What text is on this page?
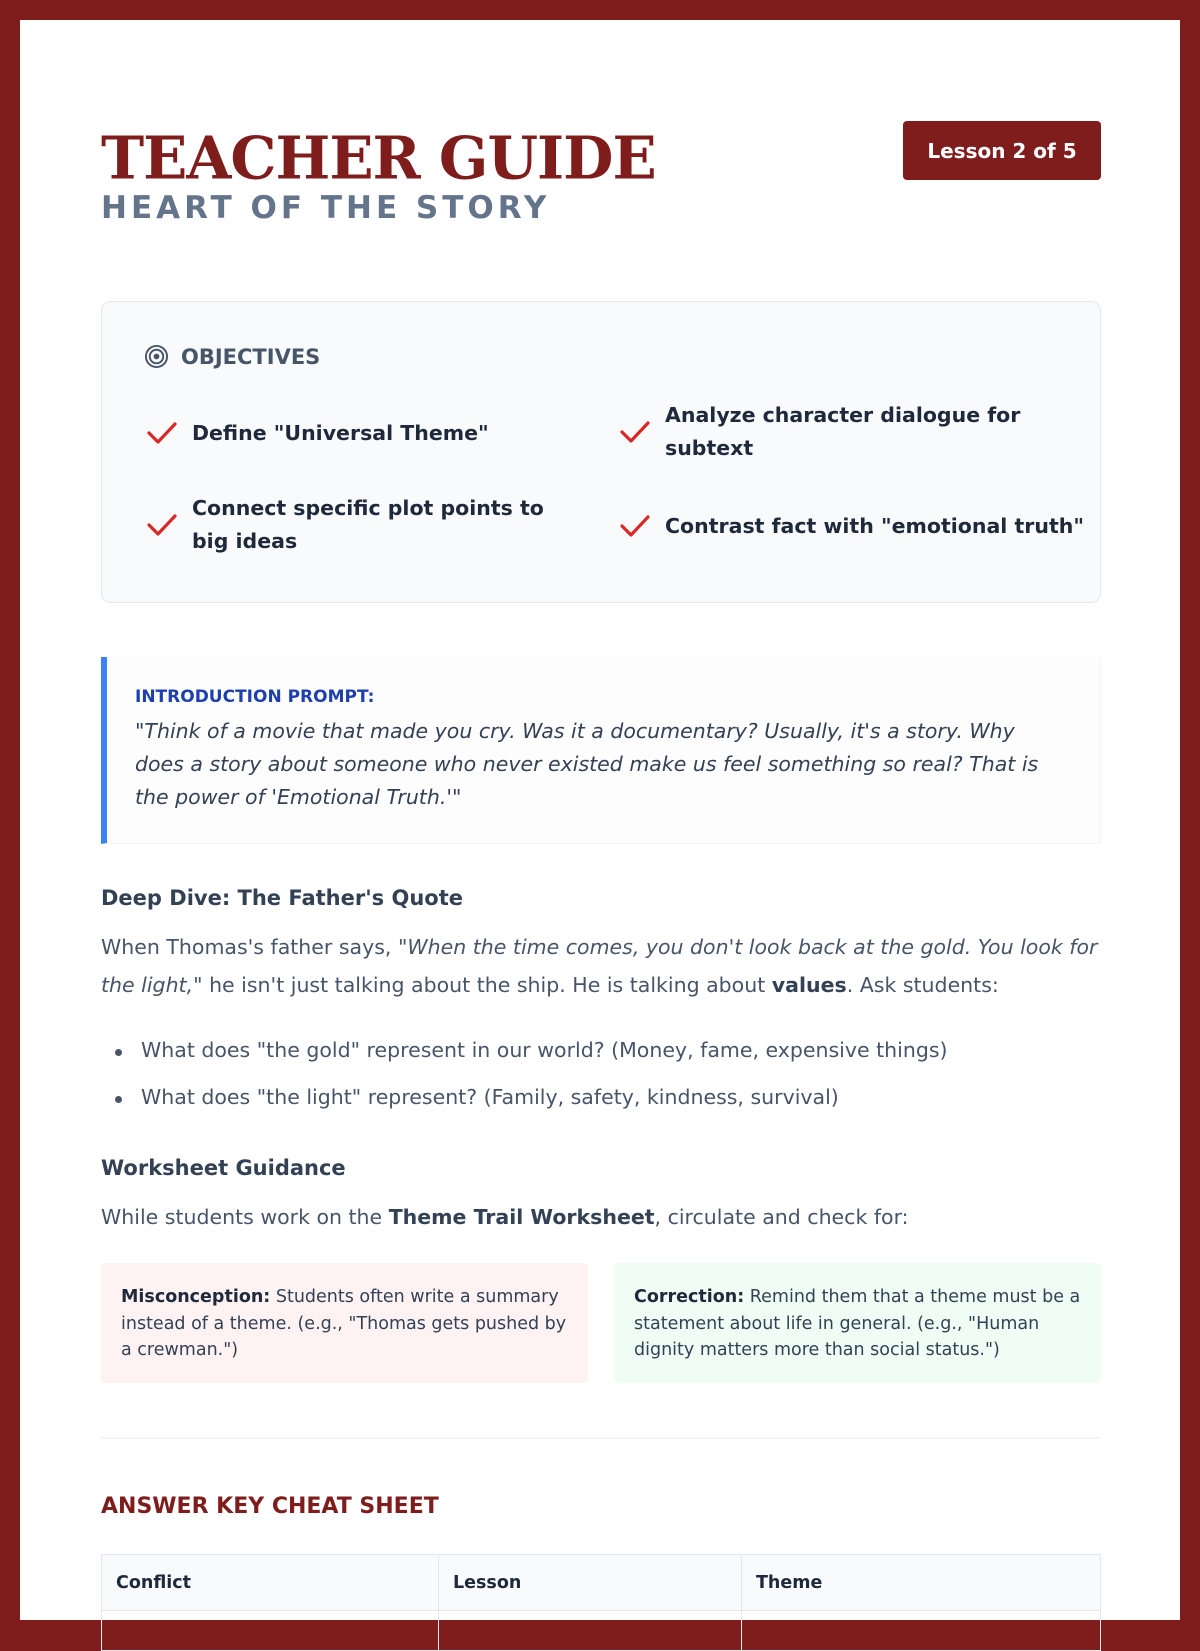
TEACHER GUIDE
HEART OF THE STORY
Lesson 2 of 5
OBJECTIVES
Define "Universal Theme"
Analyze character dialogue for subtext
Connect specific plot points to big ideas
Contrast fact with "emotional truth"
INTRODUCTION PROMPT:
"Think of a movie that made you cry. Was it a documentary? Usually, it's a story. Why does a story about someone who never existed make us feel something so real? That is the power of 'Emotional Truth.'"
Deep Dive: The Father's Quote
When Thomas's father says, "When the time comes, you don't look back at the gold. You look for the light," he isn't just talking about the ship. He is talking about values. Ask students:
What does "the gold" represent in our world? (Money, fame, expensive things)
What does "the light" represent? (Family, safety, kindness, survival)
Worksheet Guidance
While students work on the Theme Trail Worksheet, circulate and check for:
Misconception: Students often write a summary instead of a theme. (e.g., "Thomas gets pushed by a crewman.")
Correction: Remind them that a theme must be a statement about life in general. (e.g., "Human dignity matters more than social status.")
ANSWER KEY CHEAT SHEET
Conflict	Lesson	Theme
